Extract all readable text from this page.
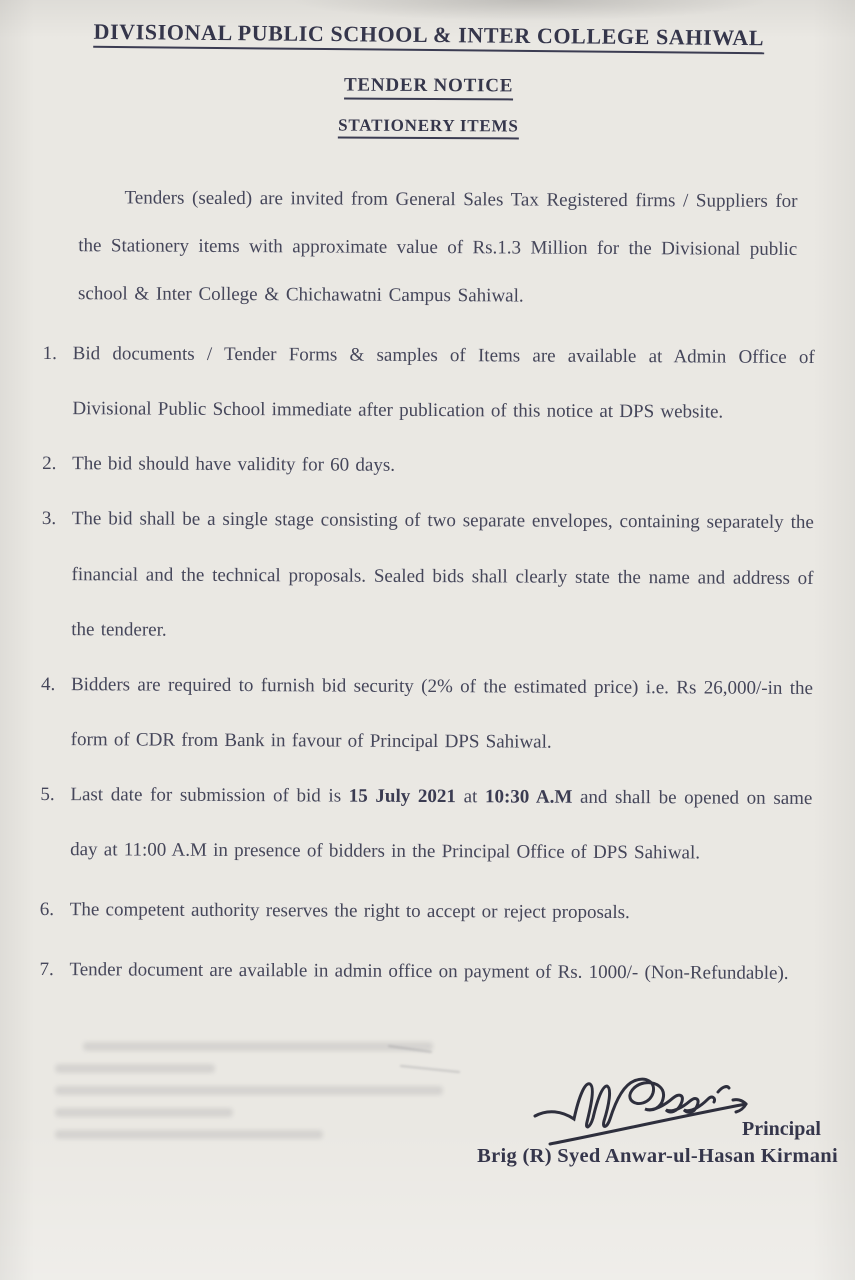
DIVISIONAL PUBLIC SCHOOL & INTER COLLEGE SAHIWAL
TENDER NOTICE
STATIONERY ITEMS

Tenders (sealed) are invited from General Sales Tax Registered firms / Suppliers for the Stationery items with approximate value of Rs.1.3 Million for the Divisional public school & Inter College & Chichawatni Campus Sahiwal.

1. Bid documents / Tender Forms & samples of Items are available at Admin Office of Divisional Public School immediate after publication of this notice at DPS website.

2. The bid should have validity for 60 days.

3. The bid shall be a single stage consisting of two separate envelopes, containing separately the financial and the technical proposals. Sealed bids shall clearly state the name and address of the tenderer.

4. Bidders are required to furnish bid security (2% of the estimated price) i.e. Rs 26,000/-in the form of CDR from Bank in favour of Principal DPS Sahiwal.

5. Last date for submission of bid is 15 July 2021 at 10:30 A.M and shall be opened on same day at 11:00 A.M in presence of bidders in the Principal Office of DPS Sahiwal.

6. The competent authority reserves the right to accept or reject proposals.

7. Tender document are available in admin office on payment of Rs. 1000/- (Non-Refundable).

Principal
Brig (R) Syed Anwar-ul-Hasan Kirmani
